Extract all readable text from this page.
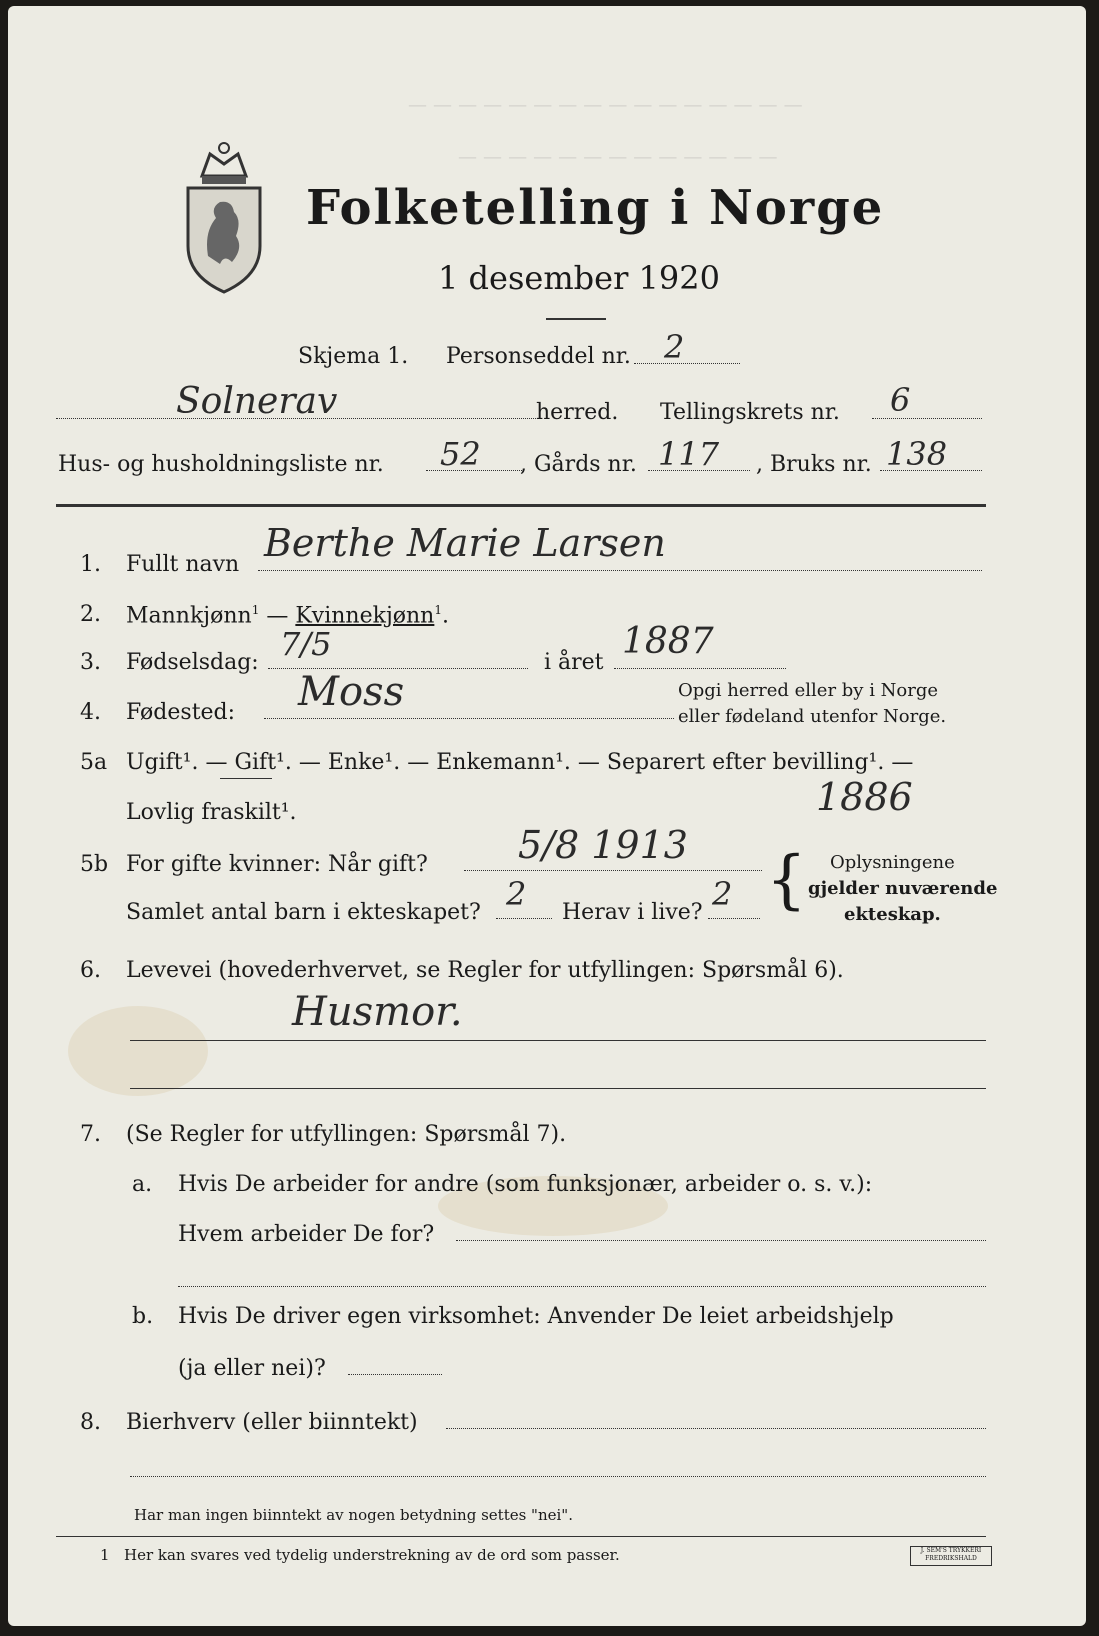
— — — — — — — — — — — — — — — —
— — — — — — — — — — — — —
Folketelling i Norge
1 desember 1920
Skjema 1. Personseddel nr. 2
Solnerav	herred. Tellingskrets nr. 6
Hus- og husholdningsliste nr. 52 , Gårds nr. 117 , Bruks nr. 138
1. Fullt navn Berthe Marie Larsen
2. Mannkjønn$^1$ — Kvinnekjønn$^1$.
3. Fødselsdag: 7/5	i året
1887
4. Fødested: Moss	Opgi herred eller by i Norge
eller fødeland utenfor Norge.
5a Ugift¹. — Gift¹. — Enke¹. — Enkemann¹. — Separert efter bevilling¹. —
Lovlig fraskilt¹.	1886
5b For gifte kvinner: Når gift? 5/8 1913
Samlet antal barn i ekteskapet? 2 Herav i live? 2 { Oplysningene
gjelder nuværende
ekteskap.
6. Levevei (hovederhvervet, se Regler for utfyllingen: Spørsmål 6).
Husmor.
7. (Se Regler for utfyllingen: Spørsmål 7).
a. Hvis De arbeider for andre (som funksjonær, arbeider o. s. v.):
Hvem arbeider De for?
b. Hvis De driver egen virksomhet: Anvender De leiet arbeidshjelp
(ja eller nei)?
8. Bierhverv (eller biinntekt)
Har man ingen biinntekt av nogen betydning settes "nei".
1 Her kan svares ved tydelig understrekning av de ord som passer.	J. SEM'S TRYKKERI FREDRIKSHALD
